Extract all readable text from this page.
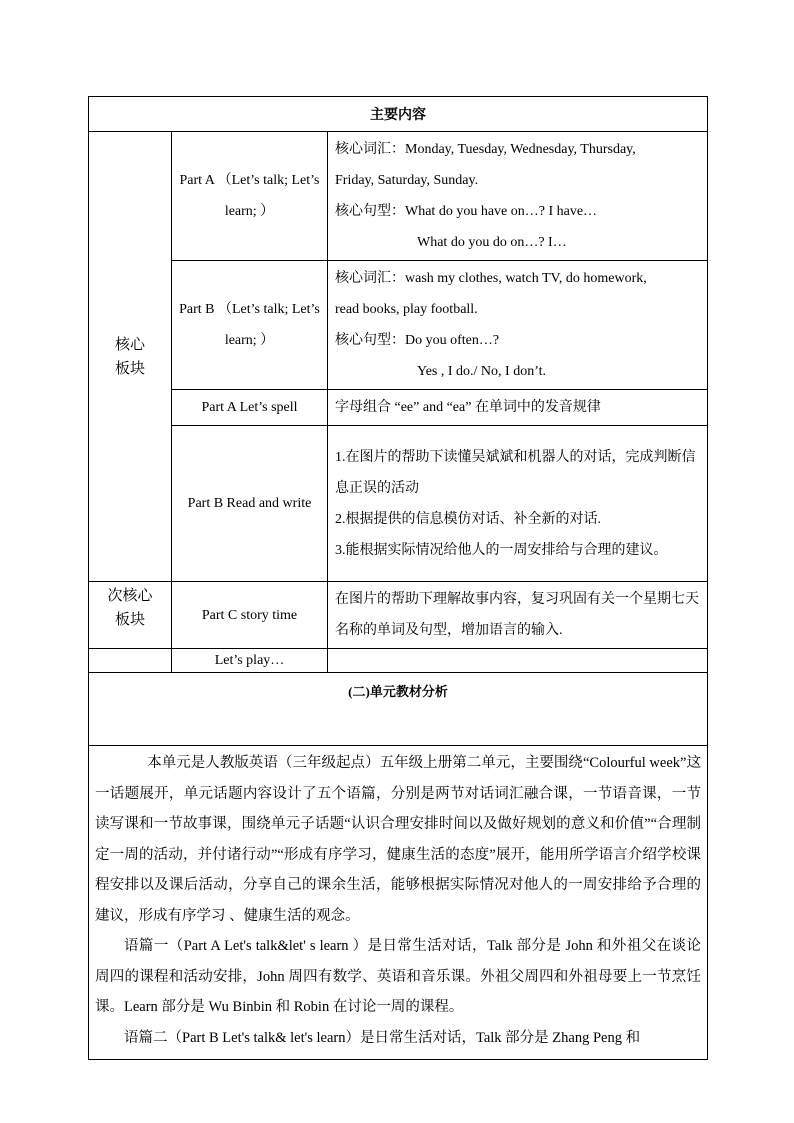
主要内容		
核心
板块	Part A （Let’s talk; Let’s learn; ）	核心词汇：Monday, Tuesday, Wednesday, Thursday,
Friday, Saturday, Sunday.
核心句型：What do you have on…? I have…
What do you do on…? I…

	Part B （Let’s talk; Let’s learn; ）	核心词汇：wash my clothes, watch TV, do homework,
read books, play football.
核心句型：Do you often…?
Yes , I do./ No, I don’t.

	Part A Let’s spell	字母组合 “ee” and “ea” 在单词中的发音规律

	Part B Read and write	1.在图片的帮助下读懂吴斌斌和机器人的对话，完成判断信息正误的活动
2.根据提供的信息模仿对话、补全新的对话.
3.能根据实际情况给他人的一周安排给与合理的建议。

次核心
板块	Part C story time	在图片的帮助下理解故事内容，复习巩固有关一个星期七天名称的单词及句型，增加语言的输入.

	Let’s play…	
(二)单元教材分析		

本单元是人教版英语（三年级起点）五年级上册第二单元，主要围绕“Colourful week”这一话题展开，单元话题内容设计了五个语篇，分别是两节对话词汇融合课，一节语音课，一节读写课和一节故事课，围绕单元子话题“认识合理安排时间以及做好规划的意义和价值”“合理制定一周的活动，并付诸行动”“形成有序学习，健康生活的态度”展开，能用所学语言介绍学校课程安排以及课后活动，分享自己的课余生活，能够根据实际情况对他人的一周安排给予合理的建议，形成有序学习 、健康生活的观念。

语篇一（Part A Let's talk&let' s learn ）是日常生活对话，Talk 部分是 John 和外祖父在谈论周四的课程和活动安排，John 周四有数学、英语和音乐课。外祖父周四和外祖母要上一节烹饪课。Learn 部分是 Wu Binbin 和 Robin 在讨论一周的课程。

语篇二（Part B Let's talk& let's learn）是日常生活对话，Talk 部分是 Zhang Peng 和		
